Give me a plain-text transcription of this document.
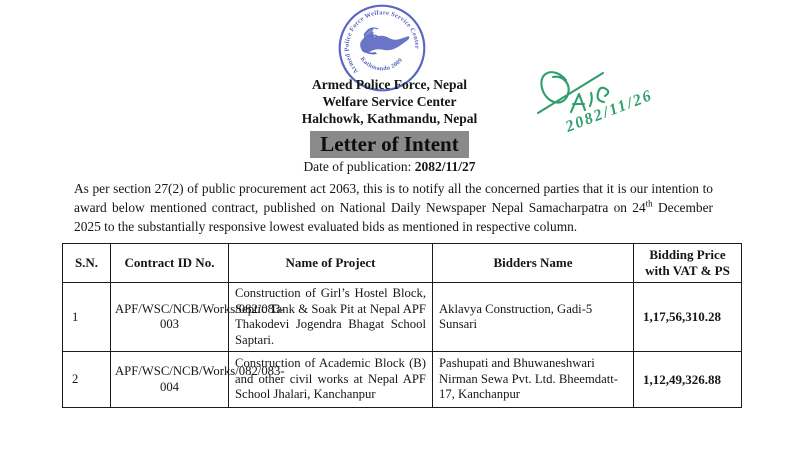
Armed Police Force Welfare Service Center
Kathmandu 2009
2082/11/26
Armed Police Force, Nepal
Welfare Service Center
Halchowk, Kathmandu, Nepal
Letter of Intent
Date of publication: 2082/11/27

As per section 27(2) of public procurement act 2063, this is to notify all the concerned parties that it is our intention to award below mentioned contract, published on National Daily Newspaper Nepal Samacharpatra on 24th December 2025 to the substantially responsive lowest evaluated bids as mentioned in respective column.

S.N.	Contract ID No.	Name of Project	Bidders Name	Bidding Price with VAT & PS
1	APF/WSC/NCB/Works/082/083-003	Construction of Girl’s Hostel Block, Septic Tank & Soak Pit at Nepal APF Thakodevi Jogendra Bhagat School Saptari.	Aklavya Construction, Gadi-5 Sunsari	1,17,56,310.28
2	APF/WSC/NCB/Works/082/083-004	Construction of Academic Block (B) and other civil works at Nepal APF School Jhalari, Kanchanpur	Pashupati and Bhuwaneshwari Nirman Sewa Pvt. Ltd. Bheemdatt-17, Kanchanpur	1,12,49,326.88
